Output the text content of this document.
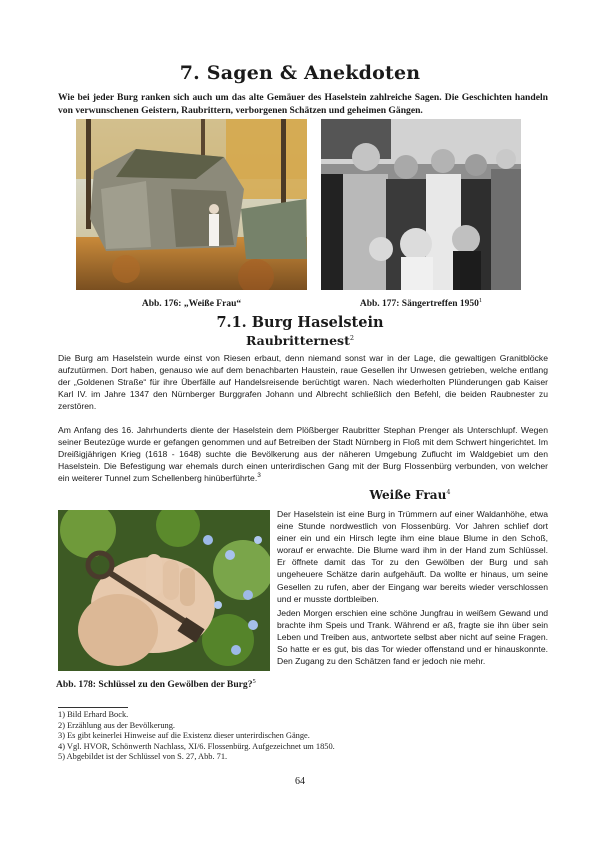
7. Sagen & Anekdoten
Wie bei jeder Burg ranken sich auch um das alte Gemäuer des Haselstein zahlreiche Sagen. Die Geschichten handeln von verwunschenen Geistern, Raubrittern, verborgenen Schätzen und geheimen Gängen.
Abb. 176: „Weiße Frau“	Abb. 177: Sängertreffen 1950$^1$
7.1. Burg Haselstein
Raubritternest$^2$
Die Burg am Haselstein wurde einst von Riesen erbaut, denn niemand sonst war in der Lage, die gewaltigen Granitblöcke aufzutürmen. Dort haben, genauso wie auf dem benachbarten Haustein, raue Gesellen ihr Unwesen getrieben, welche entlang der „Goldenen Straße“ für ihre Überfälle auf Handelsreisende berüchtigt waren. Nach wiederholten Plünderungen gab Kaiser Karl IV. im Jahre 1347 den Nürnberger Burggrafen Johann und Albrecht schließlich den Befehl, die beiden Raubnester zu zerstören.
Am Anfang des 16. Jahrhunderts diente der Haselstein dem Plößberger Raubritter Stephan Prenger als Unterschlupf. Wegen seiner Beutezüge wurde er gefangen genommen und auf Betreiben der Stadt Nürnberg in Floß mit dem Schwert hingerichtet. Im Dreißigjährigen Krieg (1618 - 1648) suchte die Bevölkerung aus der näheren Umgebung Zuflucht im Waldgebiet um den Haselstein. Die Befestigung war ehemals durch einen unterirdischen Gang mit der Burg Flossenbürg verbunden, von welcher ein weiterer Tunnel zum Schellenberg hinüberführte.$^3$
Abb. 178: Schlüssel zu den Gewölben der Burg?$^5$
Weiße Frau$^4$
Der Haselstein ist eine Burg in Trümmern auf einer Waldanhöhe, etwa eine Stunde nordwestlich von Flossenbürg. Vor Jahren schlief dort einer ein und ein Hirsch legte ihm eine blaue Blume in den Schoß, worauf er erwachte. Die Blume ward ihm in der Hand zum Schlüssel. Er öffnete damit das Tor zu den Gewölben der Burg und sah ungeheuere Schätze darin aufgehäuft. Da wollte er hinaus, um seine Gesellen zu rufen, aber der Eingang war bereits wieder verschlossen und er musste dortbleiben.
Jeden Morgen erschien eine schöne Jungfrau in weißem Gewand und brachte ihm Speis und Trank. Während er aß, fragte sie ihn über sein Leben und Treiben aus, antwortete selbst aber nicht auf seine Fragen. So hatte er es gut, bis das Tor wieder offenstand und er hinauskonnte. Den Zugang zu den Schätzen fand er jedoch nie mehr.
1) Bild Erhard Bock.
2) Erzählung aus der Bevölkerung.
3) Es gibt keinerlei Hinweise auf die Existenz dieser unterirdischen Gänge.
4) Vgl. HVOR, Schönwerth Nachlass, XI/6. Flossenbürg. Aufgezeichnet um 1850.
5) Abgebildet ist der Schlüssel von S. 27, Abb. 71.
64
